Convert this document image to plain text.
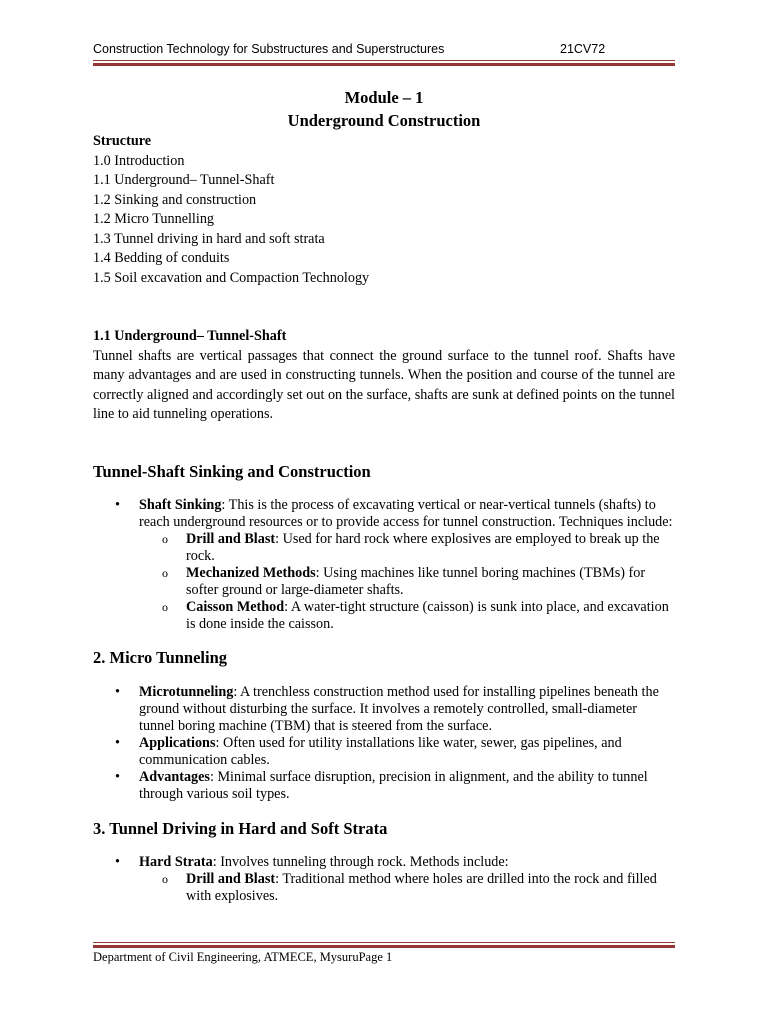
Construction Technology for Substructures and Superstructures	21CV72
Module – 1
Underground Construction
Structure
1.0 Introduction
1.1 Underground– Tunnel-Shaft
1.2 Sinking and construction
1.2 Micro Tunnelling
1.3 Tunnel driving in hard and soft strata
1.4 Bedding of conduits
1.5 Soil excavation and Compaction Technology
1.1 Underground– Tunnel-Shaft
Tunnel shafts are vertical passages that connect the ground surface to the tunnel roof. Shafts have many advantages and are used in constructing tunnels. When the position and course of the tunnel are correctly aligned and accordingly set out on the surface, shafts are sunk at defined points on the tunnel line to aid tunneling operations.
Tunnel-Shaft Sinking and Construction
• Shaft Sinking: This is the process of excavating vertical or near-vertical tunnels (shafts) to reach underground resources or to provide access for tunnel construction. Techniques include:
o Drill and Blast: Used for hard rock where explosives are employed to break up the rock.
o Mechanized Methods: Using machines like tunnel boring machines (TBMs) for softer ground or large-diameter shafts.
o Caisson Method: A water-tight structure (caisson) is sunk into place, and excavation is done inside the caisson.
2. Micro Tunneling
• Microtunneling: A trenchless construction method used for installing pipelines beneath the ground without disturbing the surface. It involves a remotely controlled, small-diameter tunnel boring machine (TBM) that is steered from the surface.
• Applications: Often used for utility installations like water, sewer, gas pipelines, and communication cables.
• Advantages: Minimal surface disruption, precision in alignment, and the ability to tunnel through various soil types.
3. Tunnel Driving in Hard and Soft Strata
• Hard Strata: Involves tunneling through rock. Methods include:
o Drill and Blast: Traditional method where holes are drilled into the rock and filled with explosives.
Department of Civil Engineering, ATMECE, MysuruPage 1
